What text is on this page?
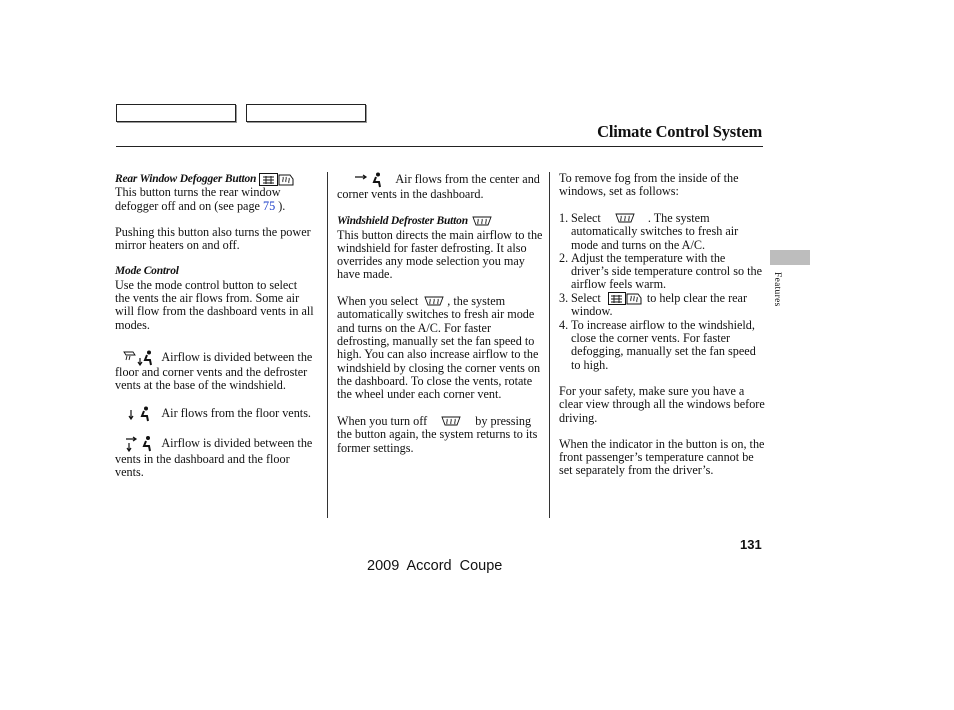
Climate Control System

Rear Window Defogger Button

This button turns the rear window defogger off and on (see page 75 ).

Pushing this button also turns the power mirror heaters on and off.

Mode Control

Use the mode control button to select the vents the air flows from. Some air will flow from the dashboard vents in all modes.

Airflow is divided between the floor and corner vents and the defroster vents at the base of the windshield.

Air flows from the floor vents.

Airflow is divided between the vents in the dashboard and the floor vents.

Air flows from the center and corner vents in the dashboard.

Windshield Defroster Button

This button directs the main airflow to the windshield for faster defrosting. It also overrides any mode selection you may have made.

When you select , the system automatically switches to fresh air mode and turns on the A/C. For faster defrosting, manually set the fan speed to high. You can also increase airflow to the windshield by closing the corner vents on the dashboard. To close the vents, rotate the wheel under each corner vent.

When you turn off	by pressing the button again, the system returns to its former settings.

To remove fog from the inside of the windows, set as follows:

1. Select	. The system automatically switches to fresh air mode and turns on the A/C.
2. Adjust the temperature with the driver’s side temperature control so the airflow feels warm.
3. Select	to help clear the rear window.
4. To increase airflow to the windshield, close the corner vents. For faster defogging, manually set the fan speed to high.

For your safety, make sure you have a clear view through all the windows before driving.

When the indicator in the button is on, the front passenger’s temperature cannot be set separately from the driver’s.

Features
131
2009 Accord Coupe
